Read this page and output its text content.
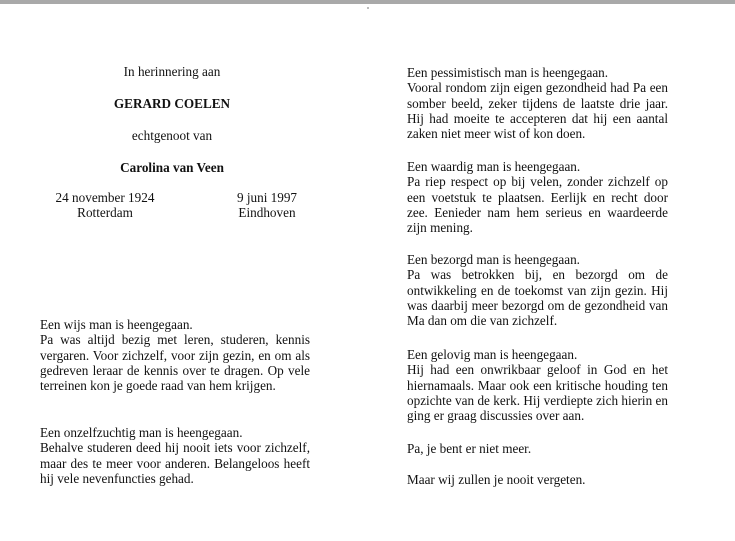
In herinnering aan
GERARD COELEN
echtgenoot van
Carolina van Veen
24 november 1924
Rotterdam
9 juni 1997
Eindhoven
Een wijs man is heengegaan.
Pa was altijd bezig met leren, studeren, kennis vergaren. Voor zichzelf, voor zijn gezin, en om als gedreven leraar de kennis over te dragen. Op vele terreinen kon je goede raad van hem krijgen.
Een onzelfzuchtig man is heengegaan.
Behalve studeren deed hij nooit iets voor zichzelf, maar des te meer voor anderen. Belangeloos heeft hij vele nevenfuncties gehad.
Een pessimistisch man is heengegaan.
Vooral rondom zijn eigen gezondheid had Pa een somber beeld, zeker tijdens de laatste drie jaar. Hij had moeite te accepteren dat hij een aantal zaken niet meer wist of kon doen.
Een waardig man is heengegaan.
Pa riep respect op bij velen, zonder zichzelf op een voetstuk te plaatsen. Eerlijk en recht door zee. Eenieder nam hem serieus en waardeerde zijn mening.
Een bezorgd man is heengegaan.
Pa was betrokken bij, en bezorgd om de ontwikkeling en de toekomst van zijn gezin. Hij was daarbij meer bezorgd om de gezondheid van Ma dan om die van zichzelf.
Een gelovig man is heengegaan.
Hij had een onwrikbaar geloof in God en het hiernamaals. Maar ook een kritische houding ten opzichte van de kerk. Hij verdiepte zich hierin en ging er graag discussies over aan.
Pa, je bent er niet meer.
Maar wij zullen je nooit vergeten.
